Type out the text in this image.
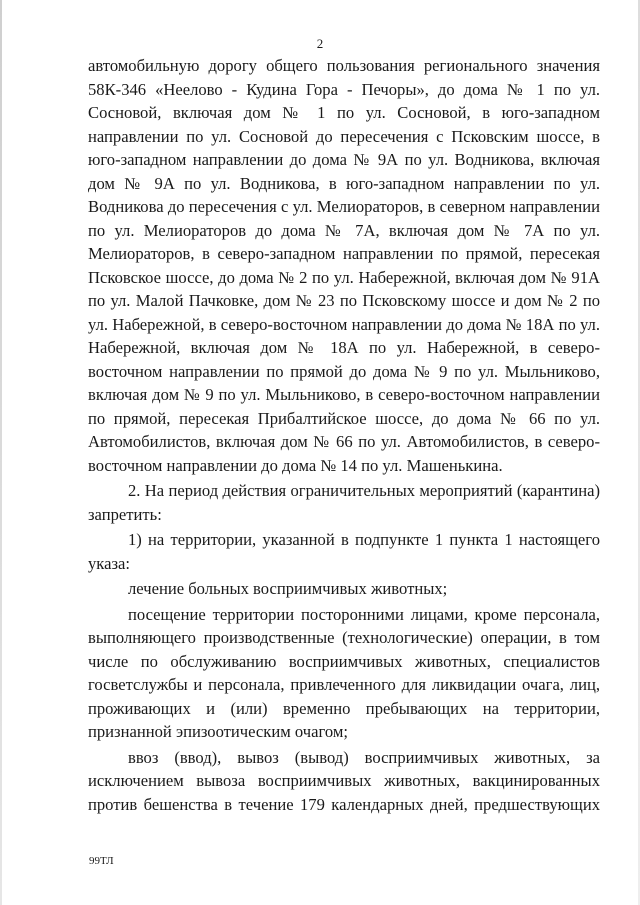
2

автомобильную дорогу общего пользования регионального значения 58К-346 «Неелово - Кудина Гора - Печоры», до дома № 1 по ул. Сосновой, включая дом № 1 по ул. Сосновой, в юго-западном направлении по ул. Сосновой до пересечения с Псковским шоссе, в юго-западном направлении до дома № 9А по ул. Водникова, включая дом № 9А по ул. Водникова, в юго-западном направлении по ул. Водникова до пересечения с ул. Мелиораторов, в северном направлении по ул. Мелиораторов до дома № 7А, включая дом № 7А по ул. Мелиораторов, в северо-западном направлении по прямой, пересекая Псковское шоссе, до дома № 2 по ул. Набережной, включая дом № 91А по ул. Малой Пачковке, дом № 23 по Псковскому шоссе и дом № 2 по ул. Набережной, в северо-восточном направлении до дома № 18А по ул. Набережной, включая дом № 18А по ул. Набережной, в северо-восточном направлении по прямой до дома № 9 по ул. Мыльниково, включая дом № 9 по ул. Мыльниково, в северо-восточном направлении по прямой, пересекая Прибалтийское шоссе, до дома № 66 по ул. Автомобилистов, включая дом № 66 по ул. Автомобилистов, в северо-восточном направлении до дома № 14 по ул. Машенькина.

2. На период действия ограничительных мероприятий (карантина) запретить:

1) на территории, указанной в подпункте 1 пункта 1 настоящего указа:

лечение больных восприимчивых животных;

посещение территории посторонними лицами, кроме персонала, выполняющего производственные (технологические) операции, в том числе по обслуживанию восприимчивых животных, специалистов госветслужбы и персонала, привлеченного для ликвидации очага, лиц, проживающих и (или) временно пребывающих на территории, признанной эпизоотическим очагом;

ввоз (ввод), вывоз (вывод) восприимчивых животных, за исключением вывоза восприимчивых животных, вакцинированных против бешенства в течение 179 календарных дней, предшествующих

99ТЛ
